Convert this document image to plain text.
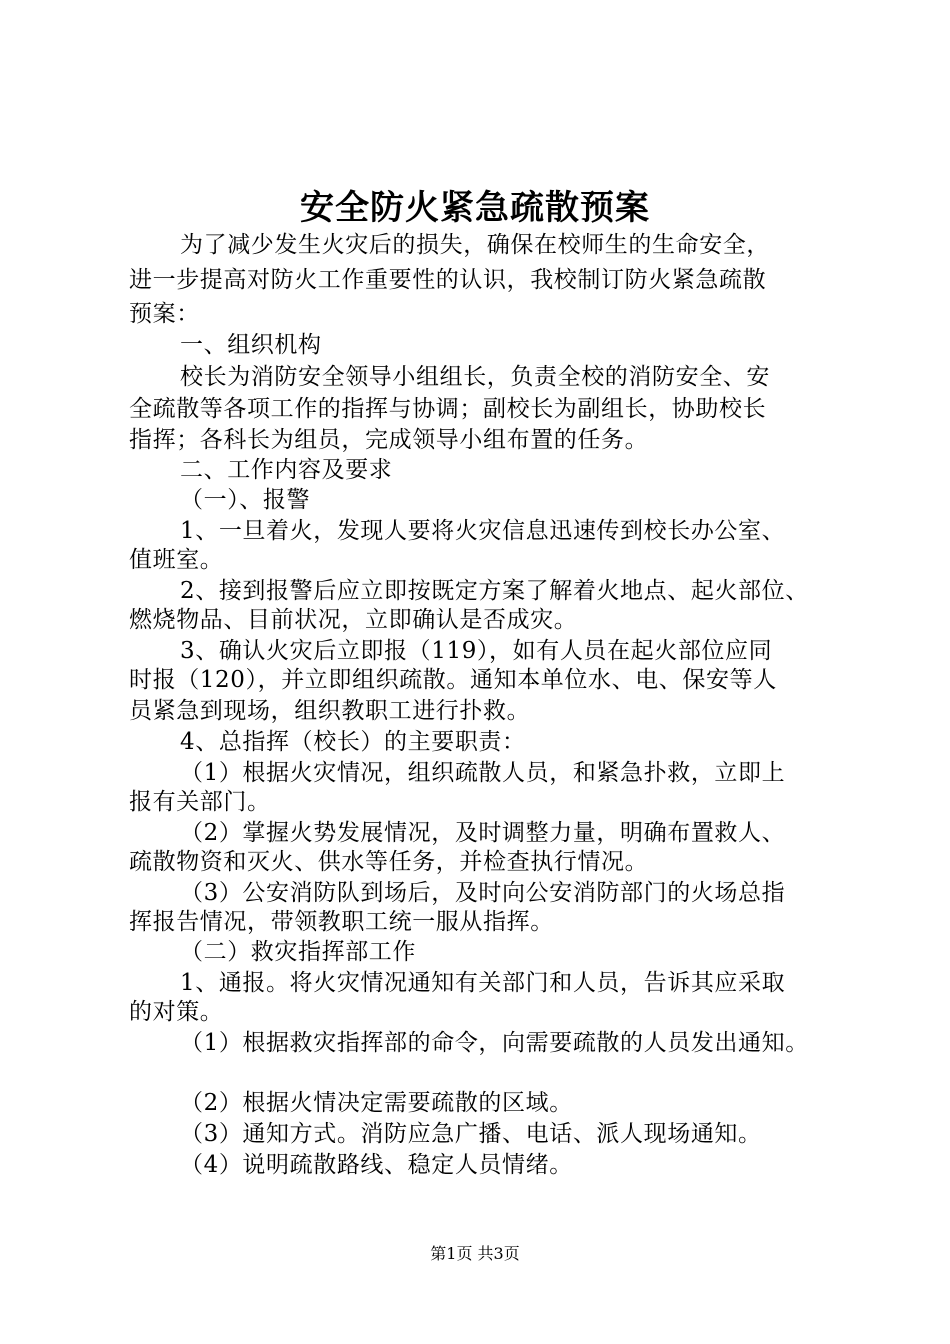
安全防火紧急疏散预案
为了减少发生火灾后的损失，确保在校师生的生命安全，
进一步提高对防火工作重要性的认识，我校制订防火紧急疏散
预案：
一、组织机构
校长为消防安全领导小组组长，负责全校的消防安全、安
全疏散等各项工作的指挥与协调；副校长为副组长，协助校长
指挥；各科长为组员，完成领导小组布置的任务。
二、工作内容及要求
（一）、报警
1、一旦着火，发现人要将火灾信息迅速传到校长办公室、
值班室。
2、接到报警后应立即按既定方案了解着火地点、起火部位、
燃烧物品、目前状况，立即确认是否成灾。
3、确认火灾后立即报（119），如有人员在起火部位应同
时报（120），并立即组织疏散。通知本单位水、电、保安等人
员紧急到现场，组织教职工进行扑救。
4、总指挥（校长）的主要职责：
（1）根据火灾情况，组织疏散人员，和紧急扑救，立即上
报有关部门。
（2）掌握火势发展情况，及时调整力量，明确布置救人、
疏散物资和灭火、供水等任务，并检查执行情况。
（3）公安消防队到场后，及时向公安消防部门的火场总指
挥报告情况，带领教职工统一服从指挥。
（二）救灾指挥部工作
1、通报。将火灾情况通知有关部门和人员，告诉其应采取
的对策。
（1）根据救灾指挥部的命令，向需要疏散的人员发出通知。
（2）根据火情决定需要疏散的区域。
（3）通知方式。消防应急广播、电话、派人现场通知。
（4）说明疏散路线、稳定人员情绪。
第1页 共3页
